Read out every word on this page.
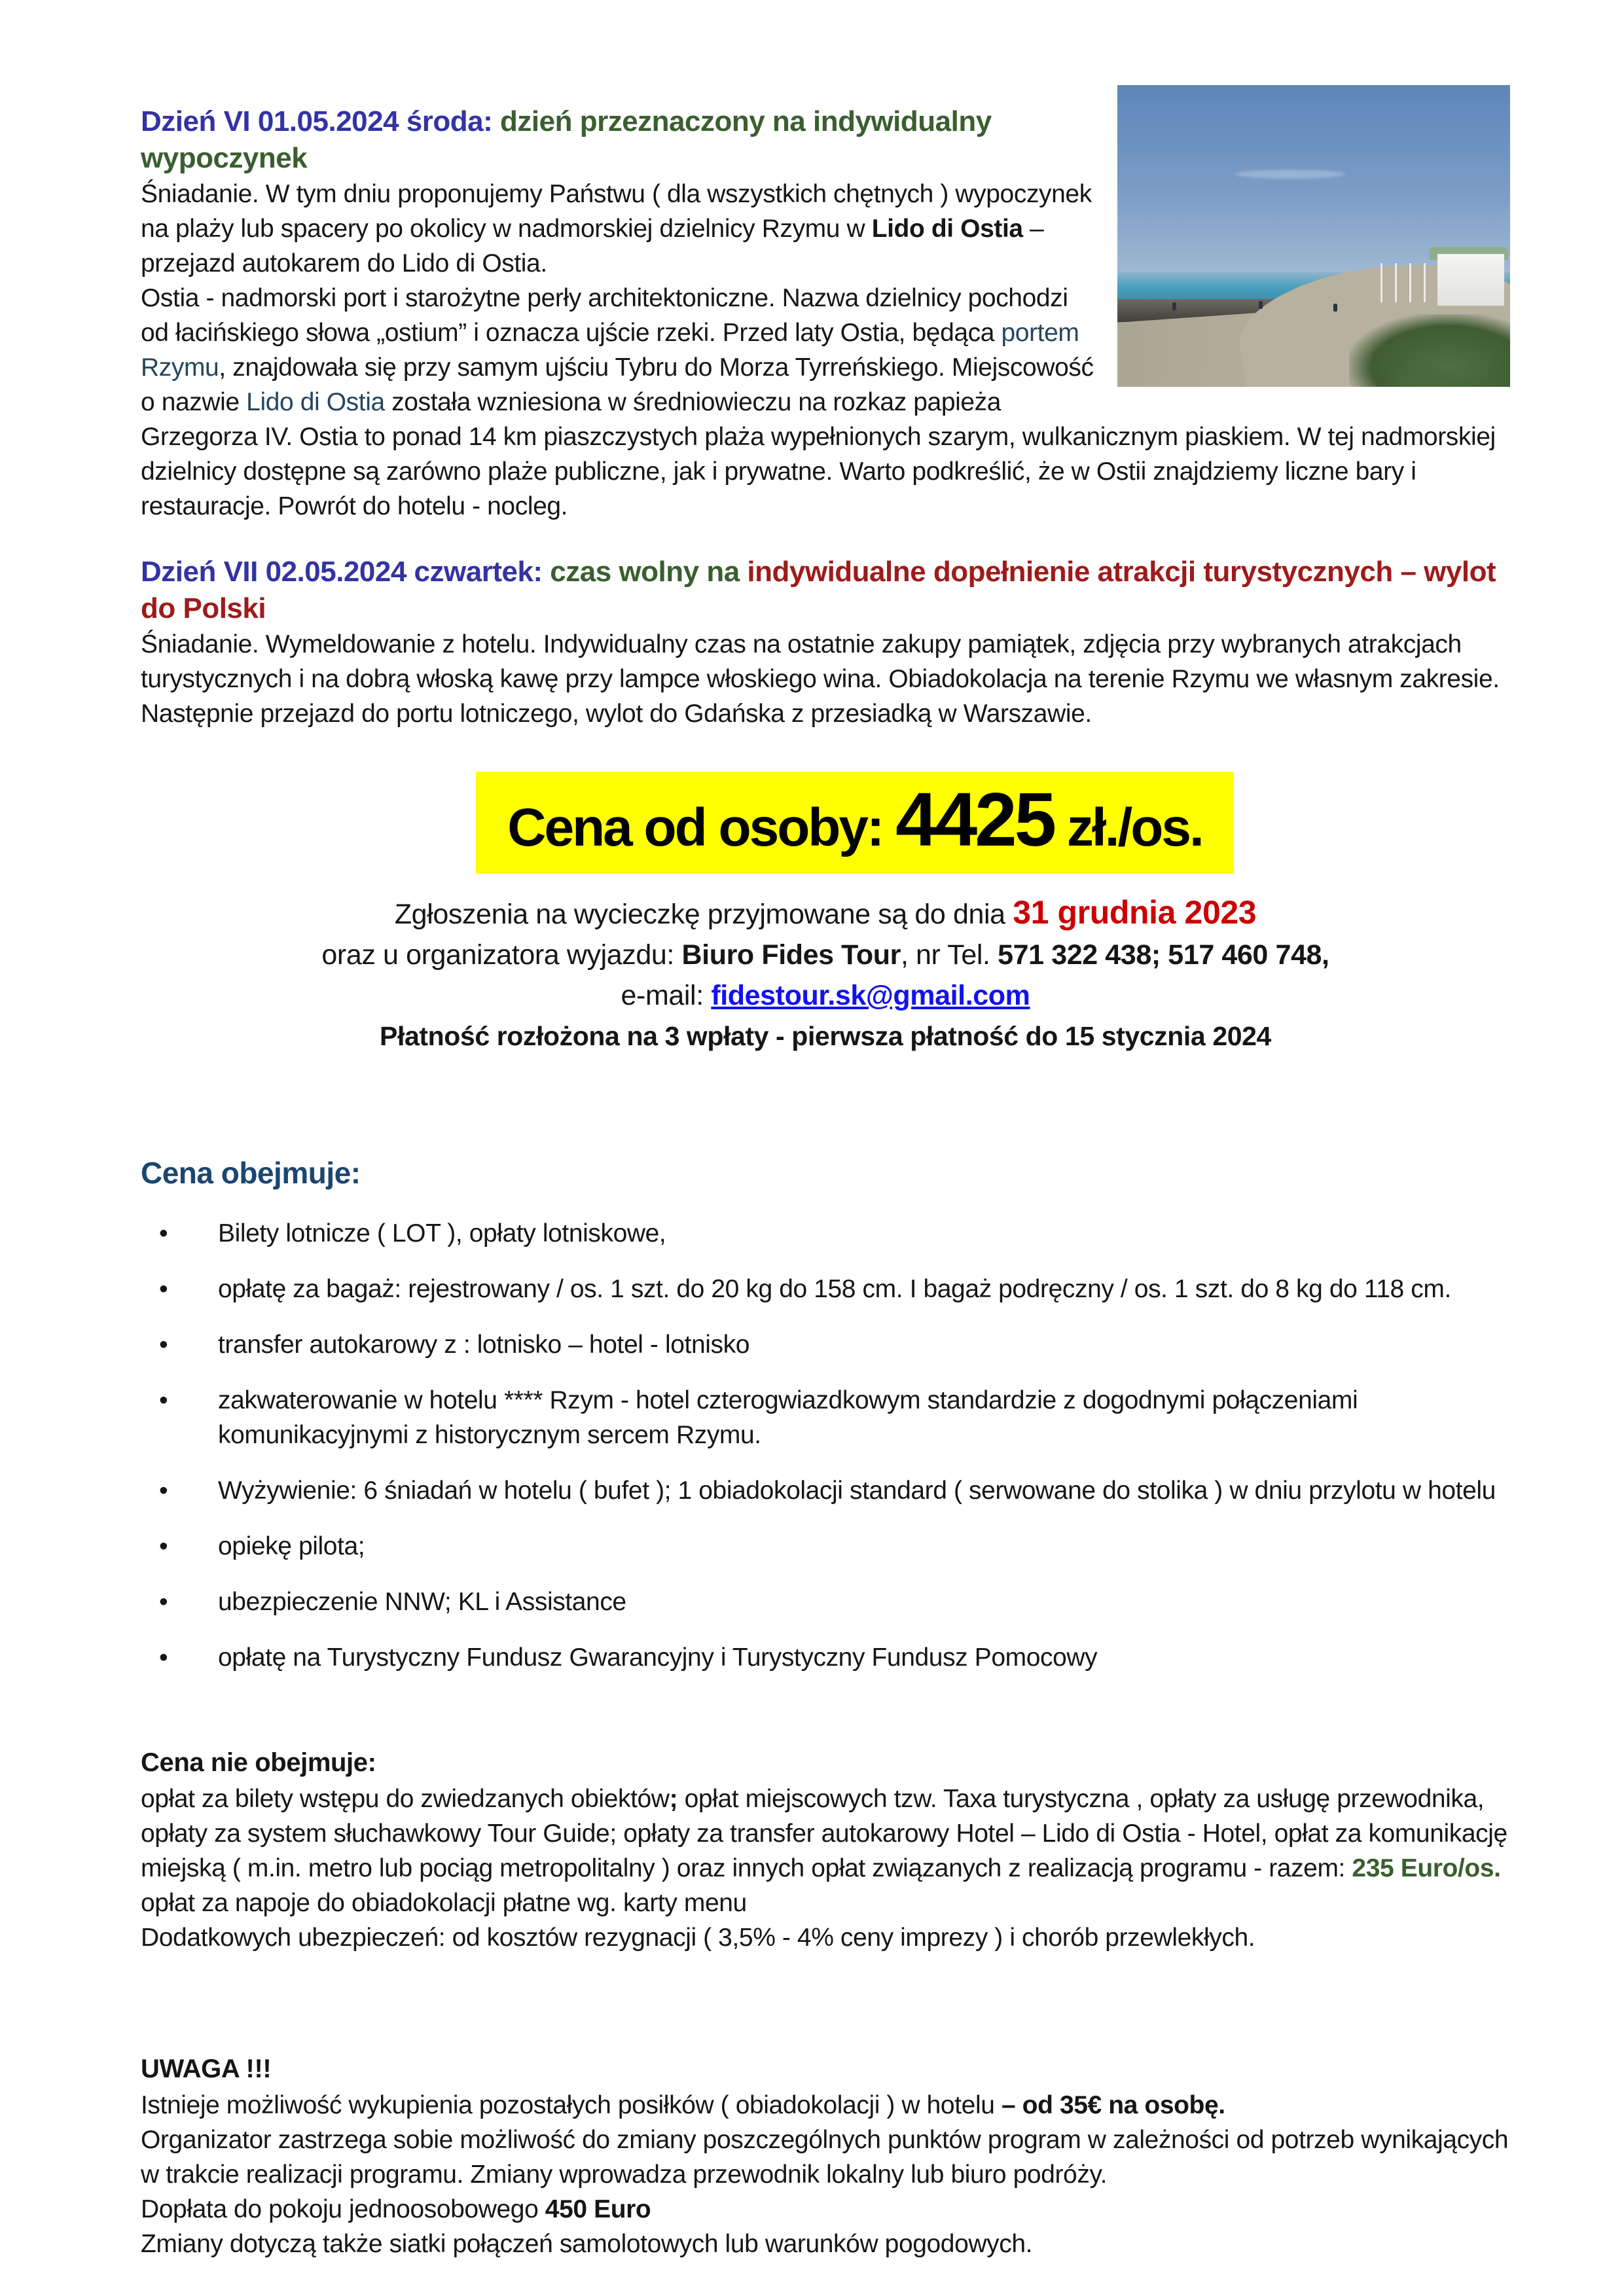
Dzień VI 01.05.2024 środa: dzień przeznaczony na indywidualny wypoczynek

Śniadanie. W tym dniu proponujemy Państwu ( dla wszystkich chętnych ) wypoczynek na plaży lub spacery po okolicy w nadmorskiej dzielnicy Rzymu w Lido di Ostia – przejazd autokarem do Lido di Ostia.

Ostia - nadmorski port i starożytne perły architektoniczne. Nazwa dzielnicy pochodzi od łacińskiego słowa „ostium” i oznacza ujście rzeki. Przed laty Ostia, będąca portem Rzymu, znajdowała się przy samym ujściu Tybru do Morza Tyrreńskiego. Miejscowość o nazwie Lido di Ostia została wzniesiona w średniowieczu na rozkaz papieża Grzegorza IV. Ostia to ponad 14 km piaszczystych plaża wypełnionych szarym, wulkanicznym piaskiem. W tej nadmorskiej dzielnicy dostępne są zarówno plaże publiczne, jak i prywatne. Warto podkreślić, że w Ostii znajdziemy liczne bary i restauracje. Powrót do hotelu - nocleg.

Dzień VII 02.05.2024 czwartek: czas wolny na indywidualne dopełnienie atrakcji turystycznych – wylot do Polski

Śniadanie. Wymeldowanie z hotelu. Indywidualny czas na ostatnie zakupy pamiątek, zdjęcia przy wybranych atrakcjach turystycznych i na dobrą włoską kawę przy lampce włoskiego wina. Obiadokolacja na terenie Rzymu we własnym zakresie. Następnie przejazd do portu lotniczego, wylot do Gdańska z przesiadką w Warszawie.

Cena od osoby: 4425 zł./os.
Zgłoszenia na wycieczkę przyjmowane są do dnia 31 grudnia 2023
oraz u organizatora wyjazdu: Biuro Fides Tour, nr Tel. 571 322 438; 517 460 748,
e-mail: fidestour.sk@gmail.com
Płatność rozłożona na 3 wpłaty - pierwsza płatność do 15 stycznia 2024
Cena obejmuje:
• Bilety lotnicze ( LOT ), opłaty lotniskowe,
• opłatę za bagaż: rejestrowany / os. 1 szt. do 20 kg do 158 cm. I bagaż podręczny / os. 1 szt. do 8 kg do 118 cm.
• transfer autokarowy z : lotnisko – hotel - lotnisko
• zakwaterowanie w hotelu **** Rzym - hotel czterogwiazdkowym standardzie z dogodnymi połączeniami komunikacyjnymi z historycznym sercem Rzymu.
• Wyżywienie: 6 śniadań w hotelu ( bufet ); 1 obiadokolacji standard ( serwowane do stolika ) w dniu przylotu w hotelu
• opiekę pilota;
• ubezpieczenie NNW; KL i Assistance
• opłatę na Turystyczny Fundusz Gwarancyjny i Turystyczny Fundusz Pomocowy
Cena nie obejmuje:

opłat za bilety wstępu do zwiedzanych obiektów; opłat miejscowych tzw. Taxa turystyczna , opłaty za usługę przewodnika, opłaty za system słuchawkowy Tour Guide; opłaty za transfer autokarowy Hotel – Lido di Ostia - Hotel, opłat za komunikację miejską ( m.in. metro lub pociąg metropolitalny ) oraz innych opłat związanych z realizacją programu - razem: 235 Euro/os.

opłat za napoje do obiadokolacji płatne wg. karty menu

Dodatkowych ubezpieczeń: od kosztów rezygnacji ( 3,5% - 4% ceny imprezy ) i chorób przewlekłych.

UWAGA !!!

Istnieje możliwość wykupienia pozostałych posiłków ( obiadokolacji ) w hotelu – od 35€ na osobę.

Organizator zastrzega sobie możliwość do zmiany poszczególnych punktów program w zależności od potrzeb wynikających w trakcie realizacji programu. Zmiany wprowadza przewodnik lokalny lub biuro podróży.

Dopłata do pokoju jednoosobowego 450 Euro

Zmiany dotyczą także siatki połączeń samolotowych lub warunków pogodowych.
